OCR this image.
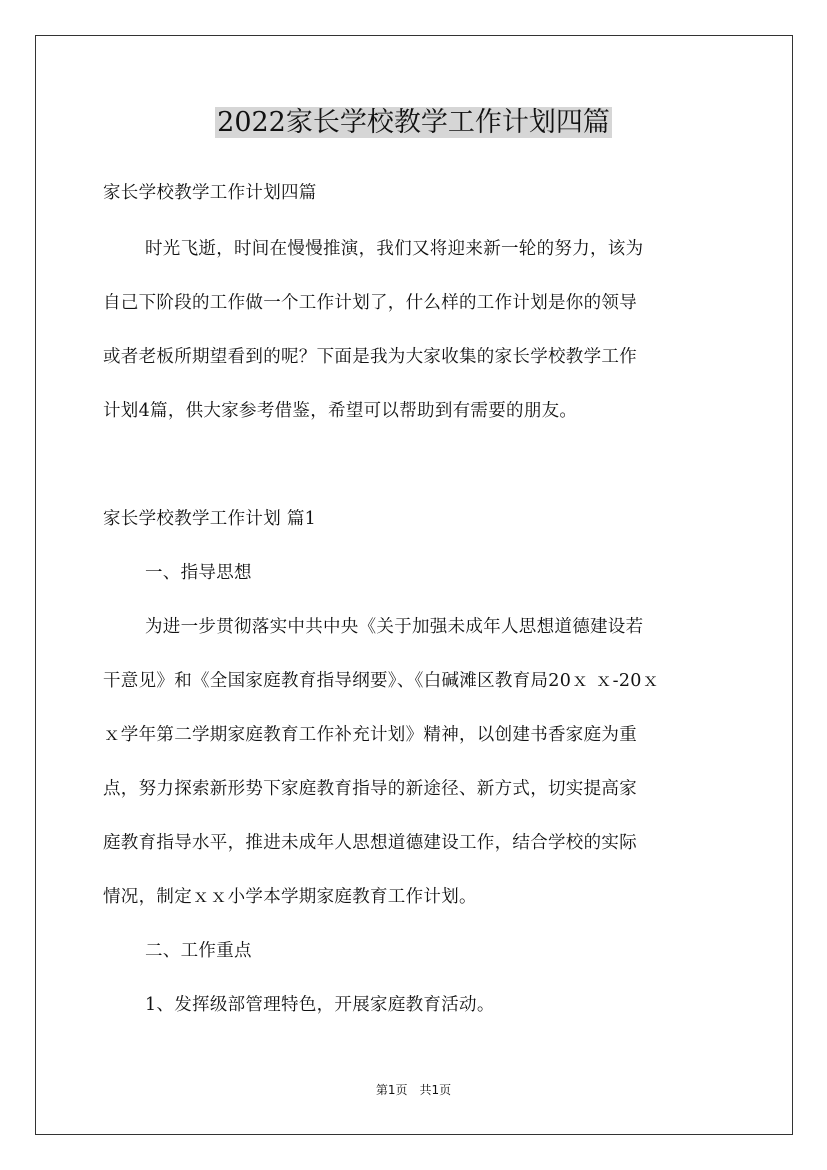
2022家长学校教学工作计划四篇

家长学校教学工作计划四篇

时光飞逝，时间在慢慢推演，我们又将迎来新一轮的努力，该为

自己下阶段的工作做一个工作计划了，什么样的工作计划是你的领导

或者老板所期望看到的呢？下面是我为大家收集的家长学校教学工作

计划4篇，供大家参考借鉴，希望可以帮助到有需要的朋友。

家长学校教学工作计划 篇1

一、指导思想

为进一步贯彻落实中共中央《关于加强未成年人思想道德建设若

干意见》和《全国家庭教育指导纲要》、《白碱滩区教育局20ｘ ｘ-20ｘ

ｘ学年第二学期家庭教育工作补充计划》精神，以创建书香家庭为重

点，努力探索新形势下家庭教育指导的新途径、新方式，切实提高家

庭教育指导水平，推进未成年人思想道德建设工作，结合学校的实际

情况，制定ｘｘ小学本学期家庭教育工作计划。

二、工作重点

1、发挥级部管理特色，开展家庭教育活动。

第1页　共1页
